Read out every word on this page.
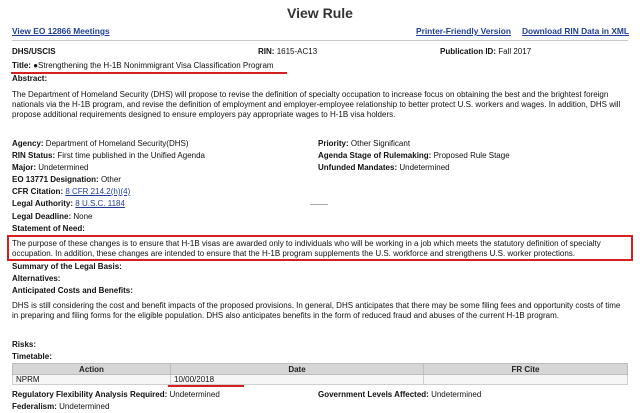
View Rule
View EO 12866 Meetings	Printer-Friendly Version Download RIN Data in XML
DHS/USCIS	RIN: 1615-AC13	Publication ID: Fall 2017
Title: ●Strengthening the H-1B Nonimmigrant Visa Classification Program
Abstract:
The Department of Homeland Security (DHS) will propose to revise the definition of specialty occupation to increase focus on obtaining the best and the brightest foreign nationals via the H-1B program, and revise the definition of employment and employer-employee relationship to better protect U.S. workers and wages. In addition, DHS will propose additional requirements designed to ensure employers pay appropriate wages to H-1B visa holders.
Agency: Department of Homeland Security(DHS)
RIN Status: First time published in the Unified Agenda
Major: Undetermined
EO 13771 Designation: Other
CFR Citation: 8 CFR 214.2(h)(4)
Legal Authority: 8 U.S.C. 1184
Legal Deadline: None
Priority: Other Significant
Agenda Stage of Rulemaking: Proposed Rule Stage
Unfunded Mandates: Undetermined
Statement of Need:
The purpose of these changes is to ensure that H-1B visas are awarded only to individuals who will be working in a job which meets the statutory definition of specialty occupation. In addition, these changes are intended to ensure that the H-1B program supplements the U.S. workforce and strengthens U.S. worker protections.
Summary of the Legal Basis:
Alternatives:
Anticipated Costs and Benefits:
DHS is still considering the cost and benefit impacts of the proposed provisions. In general, DHS anticipates that there may be some filing fees and opportunity costs of time in preparing and filing forms for the eligible population. DHS also anticipates benefits in the form of reduced fraud and abuses of the current H-1B program.
Risks:
Timetable:
Action	Date	FR Cite
NPRM	10/00/2018	
Regulatory Flexibility Analysis Required: Undetermined	Government Levels Affected: Undetermined
Federalism: Undetermined
